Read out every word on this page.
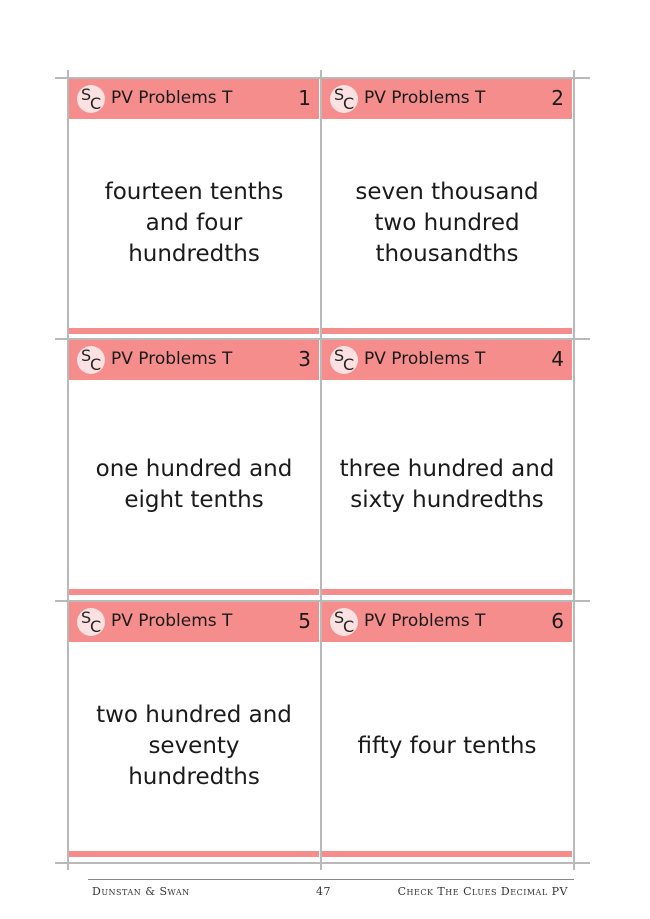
S
C PV Problems T	1
fourteen tenths and four hundredths
S
C PV Problems T	2
seven thousand two hundred thousandths
S
C PV Problems T	3
one hundred and eight tenths
S
C PV Problems T	4
three hundred and sixty hundredths
S
C PV Problems T	5
two hundred and seventy hundredths
S
C PV Problems T	6
fifty four tenths
Dunstan & Swan	47	Check The Clues Decimal PV
